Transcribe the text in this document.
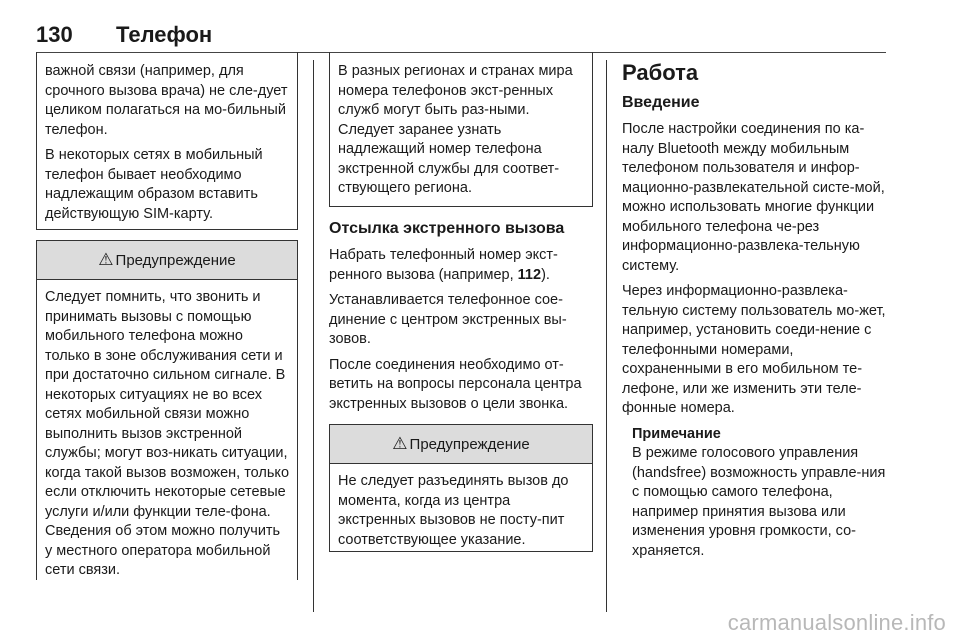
130 Телефон

важной связи (например, для срочного вызова врача) не сле-дует целиком полагаться на мо-бильный телефон.

В некоторых сетях в мобильный телефон бывает необходимо надлежащим образом вставить действующую SIM-карту.

⚠ Предупреждение

Следует помнить, что звонить и принимать вызовы с помощью мобильного телефона можно только в зоне обслуживания сети и при достаточно сильном сигнале. В некоторых ситуациях не во всех сетях мобильной связи можно выполнить вызов экстренной службы; могут воз-никать ситуации, когда такой вызов возможен, только если отключить некоторые сетевые услуги и/или функции теле-фона. Сведения об этом можно получить у местного оператора мобильной сети связи.

В разных регионах и странах мира номера телефонов экст-ренных служб могут быть раз-ными. Следует заранее узнать надлежащий номер телефона экстренной службы для соответ-ствующего региона.

Отсылка экстренного вызова

Набрать телефонный номер экст-ренного вызова (например, 112).

Устанавливается телефонное сое-динение с центром экстренных вы-зовов.

После соединения необходимо от-ветить на вопросы персонала центра экстренных вызовов о цели звонка.

⚠ Предупреждение

Не следует разъединять вызов до момента, когда из центра экстренных вызовов не посту-пит соответствующее указание.

Работа
Введение

После настройки соединения по ка-налу Bluetooth между мобильным телефоном пользователя и инфор-мационно-развлекательной систе-мой, можно использовать многие функции мобильного телефона че-рез информационно-развлека-тельную систему.

Через информационно-развлека-тельную систему пользователь мо-жет, например, установить соеди-нение с телефонными номерами, сохраненными в его мобильном те-лефоне, или же изменить эти теле-фонные номера.

Примечание

В режиме голосового управления (handsfree) возможность управле-ния с помощью самого телефона, например принятия вызова или изменения уровня громкости, со-храняется.

carmanualsonline.info
